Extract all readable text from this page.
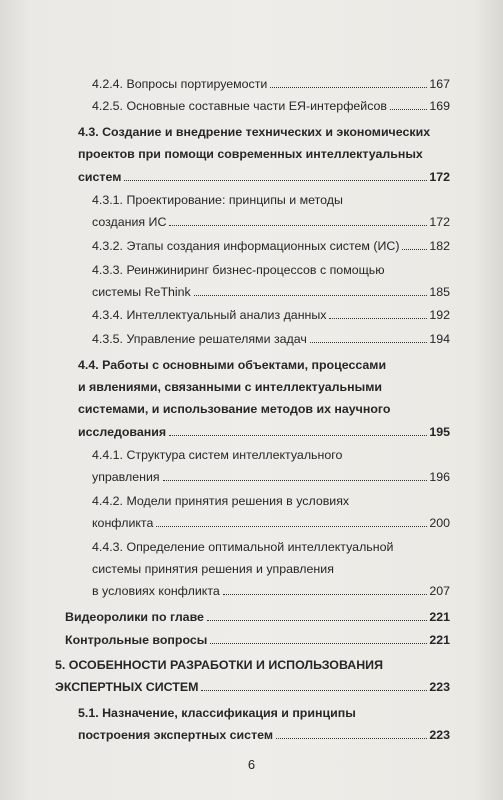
4.2.4. Вопросы портируемости	167
4.2.5. Основные составные части ЕЯ-интерфейсов	169
4.3. Создание и внедрение технических и экономических
проектов при помощи современных интеллектуальных
систем	172
4.3.1. Проектирование: принципы и методы
создания ИС	172
4.3.2. Этапы создания информационных систем (ИС) 182
4.3.3. Реинжиниринг бизнес-процессов с помощью
системы ReThink	185
4.3.4. Интеллектуальный анализ данных	192
4.3.5. Управление решателями задач	194
4.4. Работы с основными объектами, процессами
и явлениями, связанными с интеллектуальными
системами, и использование методов их научного
исследования	195
4.4.1. Структура систем интеллектуального
управления	196
4.4.2. Модели принятия решения в условиях
конфликта	200
4.4.3. Определение оптимальной интеллектуальной
системы принятия решения и управления
в условиях конфликта	207
Видеоролики по главе	221
Контрольные вопросы	221
5. ОСОБЕННОСТИ РАЗРАБОТКИ И ИСПОЛЬЗОВАНИЯ
ЭКСПЕРТНЫХ СИСТЕМ	223
5.1. Назначение, классификация и принципы
построения экспертных систем	223
6
